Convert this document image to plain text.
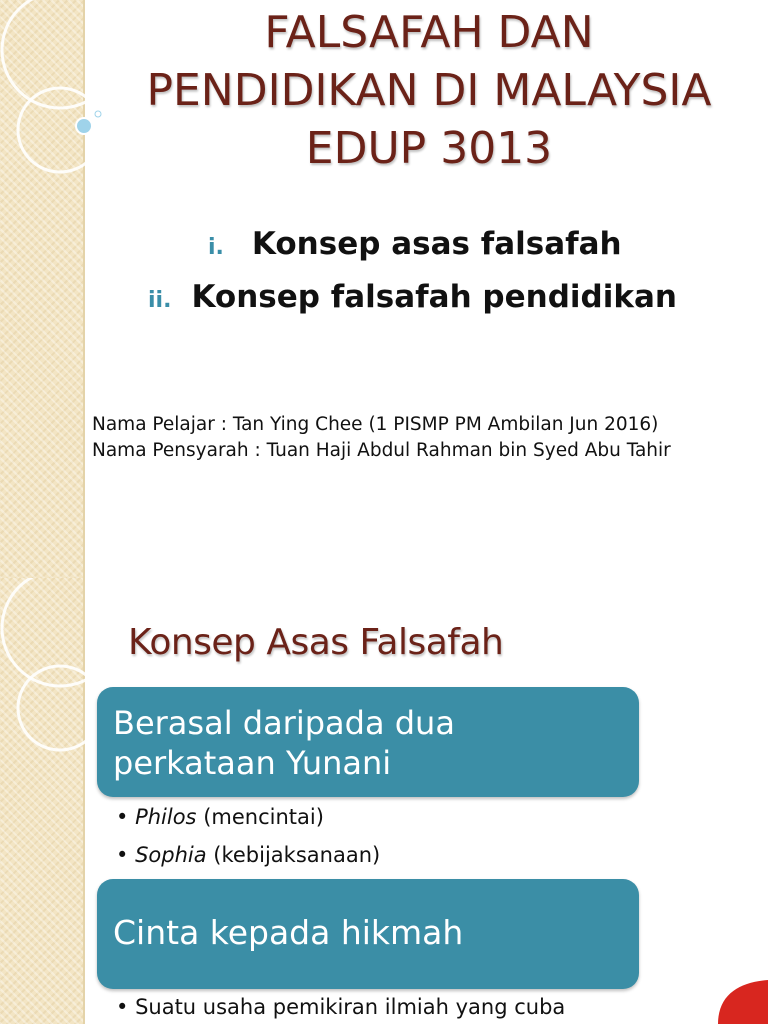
FALSAFAH DAN
PENDIDIKAN DI MALAYSIA
EDUP 3013
i. Konsep asas falsafah
ii. Konsep falsafah pendidikan
Nama Pelajar : Tan Ying Chee (1 PISMP PM Ambilan Jun 2016)
Nama Pensyarah : Tuan Haji Abdul Rahman bin Syed Abu Tahir
Konsep Asas Falsafah
Berasal daripada dua perkataan Yunani
• Philos (mencintai)
• Sophia (kebijaksanaan)
Cinta kepada hikmah
• Suatu usaha pemikiran ilmiah yang cuba
